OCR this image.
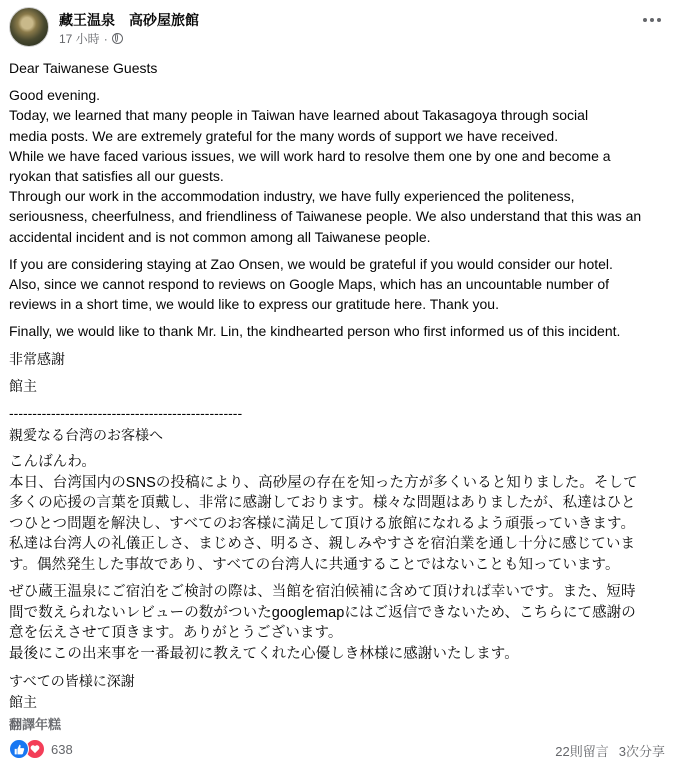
藏王温泉　高砂屋旅館
17 小時 ·

Dear Taiwanese Guests

Good evening.

Today, we learned that many people in Taiwan have learned about Takasagoya through social

media posts. We are extremely grateful for the many words of support we have received.

While we have faced various issues, we will work hard to resolve them one by one and become a

ryokan that satisfies all our guests.

Through our work in the accommodation industry, we have fully experienced the politeness,

seriousness, cheerfulness, and friendliness of Taiwanese people. We also understand that this was an

accidental incident and is not common among all Taiwanese people.

If you are considering staying at Zao Onsen, we would be grateful if you would consider our hotel.

Also, since we cannot respond to reviews on Google Maps, which has an uncountable number of

reviews in a short time, we would like to express our gratitude here. Thank you.

Finally, we would like to thank Mr. Lin, the kindhearted person who first informed us of this incident.

非常感謝

館主

--------------------------------------------------

親愛なる台湾のお客様へ

こんばんわ。

本日、台湾国内のSNSの投稿により、高砂屋の存在を知った方が多くいると知りました。そして

多くの応援の言葉を頂戴し、非常に感謝しております。様々な問題はありましたが、私達はひと

つひとつ問題を解決し、すべてのお客様に満足して頂ける旅館になれるよう頑張っていきます。

私達は台湾人の礼儀正しさ、まじめさ、明るさ、親しみやすさを宿泊業を通し十分に感じていま

す。偶然発生した事故であり、すべての台湾人に共通することではないことも知っています。

ぜひ蔵王温泉にご宿泊をご検討の際は、当館を宿泊候補に含めて頂ければ幸いです。また、短時

間で数えられないレビューの数がついたgooglemapにはご返信できないため、こちらにて感謝の

意を伝えさせて頂きます。ありがとうございます。

最後にこの出来事を一番最初に教えてくれた心優しき林様に感謝いたします。

すべての皆様に深謝

館主

翻譯年糕
638	22則留言 3次分享
